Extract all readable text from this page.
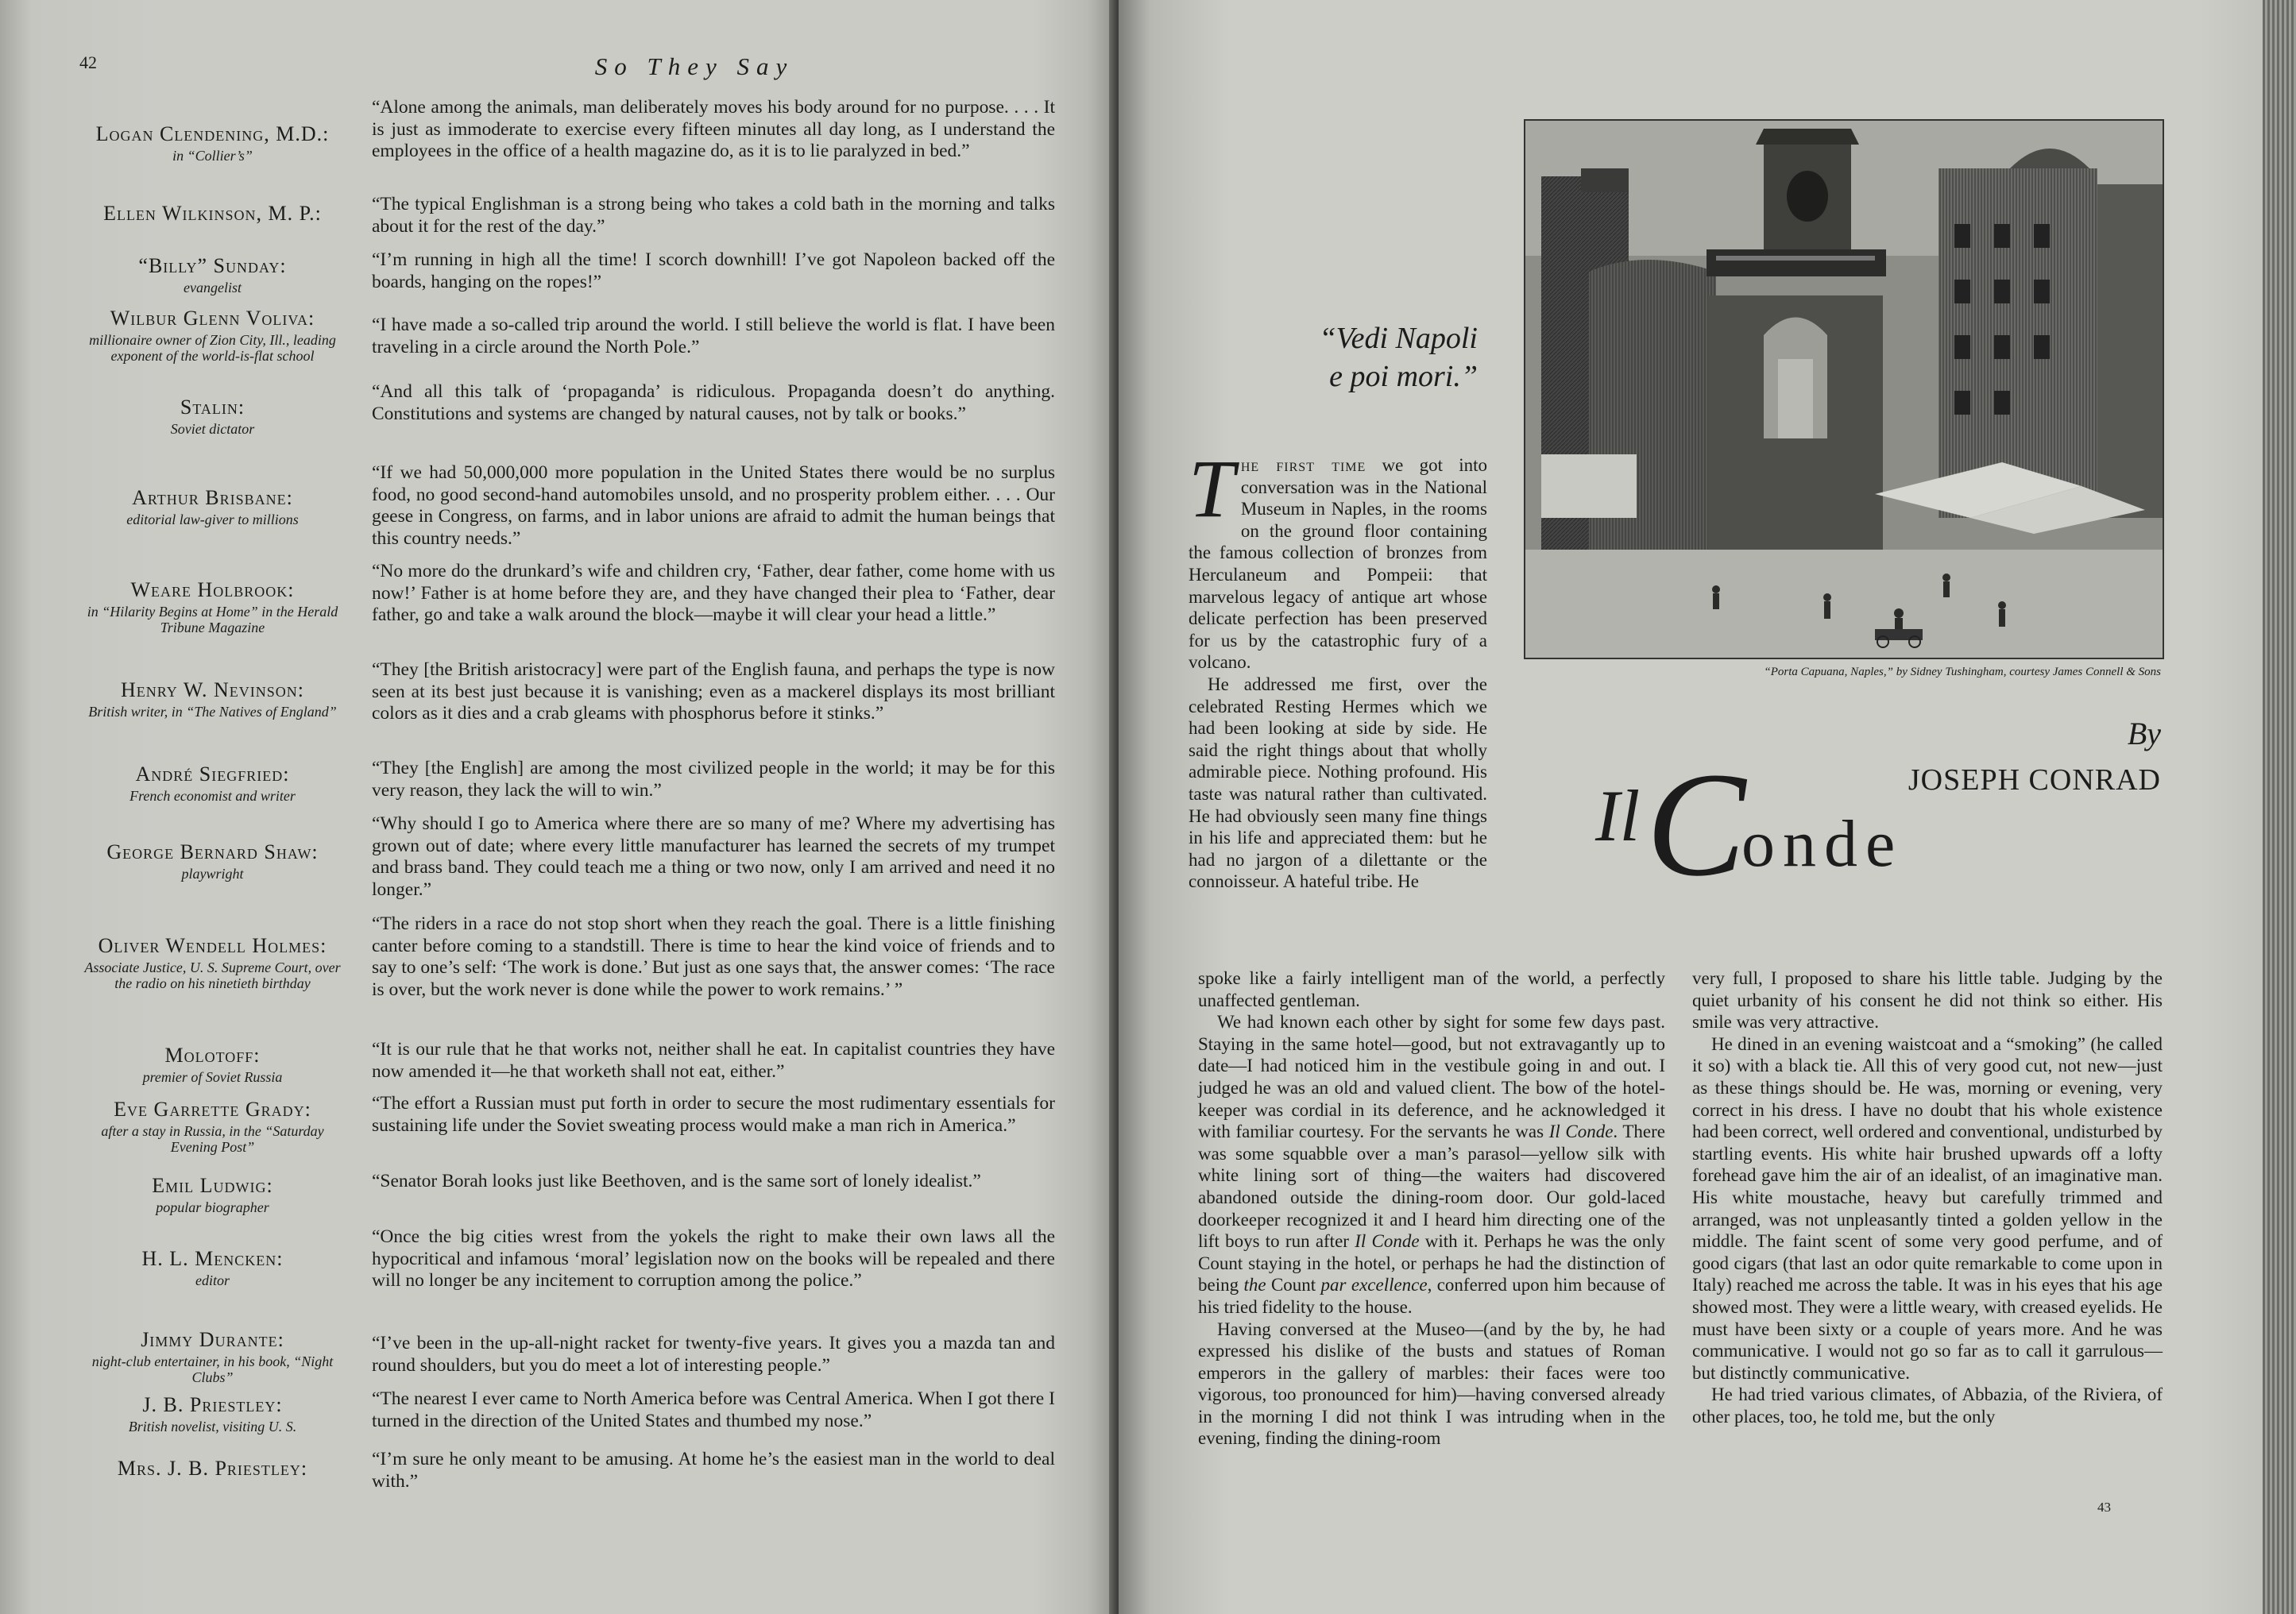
42	So They Say
Logan Clendening, M.D.:
in “Collier’s”
“Alone among the animals, man deliberately moves his body around for no purpose. . . . It is just as immoderate to exercise every fifteen minutes all day long, as I understand the employees in the office of a health magazine do, as it is to lie paralyzed in bed.”
Ellen Wilkinson, M. P.:	“The typical Englishman is a strong being who takes a cold bath in the morning and talks about it for the rest of the day.”
“Billy” Sunday:
evangelist
“I’m running in high all the time! I scorch downhill! I’ve got Napoleon backed off the boards, hanging on the ropes!”
Wilbur Glenn Voliva:
millionaire owner of Zion City, Ill., leading exponent of the world-is-flat school
“I have made a so-called trip around the world. I still believe the world is flat. I have been traveling in a circle around the North Pole.”
Stalin:
Soviet dictator
“And all this talk of ‘propaganda’ is ridiculous. Propaganda doesn’t do anything. Constitutions and systems are changed by natural causes, not by talk or books.”
Arthur Brisbane:
editorial law-giver to millions
“If we had 50,000,000 more population in the United States there would be no surplus food, no good second-hand automobiles unsold, and no prosperity problem either. . . . Our geese in Congress, on farms, and in labor unions are afraid to admit the human beings that this country needs.”
Weare Holbrook:
in “Hilarity Begins at Home” in the Herald Tribune Magazine
“No more do the drunkard’s wife and children cry, ‘Father, dear father, come home with us now!’ Father is at home before they are, and they have changed their plea to ‘Father, dear father, go and take a walk around the block—maybe it will clear your head a little.”
Henry W. Nevinson:
British writer, in “The Natives of England”
“They [the British aristocracy] were part of the English fauna, and perhaps the type is now seen at its best just because it is vanishing; even as a mackerel displays its most brilliant colors as it dies and a crab gleams with phosphorus before it stinks.”
André Siegfried:
French economist and writer
“They [the English] are among the most civilized people in the world; it may be for this very reason, they lack the will to win.”
George Bernard Shaw:
playwright
“Why should I go to America where there are so many of me? Where my advertising has grown out of date; where every little manufacturer has learned the secrets of my trumpet and brass band. They could teach me a thing or two now, only I am arrived and need it no longer.”
Oliver Wendell Holmes:
Associate Justice, U. S. Supreme Court, over the radio on his ninetieth birthday
“The riders in a race do not stop short when they reach the goal. There is a little finishing canter before coming to a standstill. There is time to hear the kind voice of friends and to say to one’s self: ‘The work is done.’ But just as one says that, the answer comes: ‘The race is over, but the work never is done while the power to work remains.’ ”
Molotoff:
premier of Soviet Russia
“It is our rule that he that works not, neither shall he eat. In capitalist countries they have now amended it—he that worketh shall not eat, either.”
Eve Garrette Grady:
after a stay in Russia, in the “Saturday Evening Post”
“The effort a Russian must put forth in order to secure the most rudimentary essentials for sustaining life under the Soviet sweating process would make a man rich in America.”
Emil Ludwig:
popular biographer
“Senator Borah looks just like Beethoven, and is the same sort of lonely idealist.”
H. L. Mencken:
editor
“Once the big cities wrest from the yokels the right to make their own laws all the hypocritical and infamous ‘moral’ legislation now on the books will be repealed and there will no longer be any incitement to corruption among the police.”
Jimmy Durante:
night-club entertainer, in his book, “Night Clubs”
“I’ve been in the up-all-night racket for twenty-five years. It gives you a mazda tan and round shoulders, but you do meet a lot of interesting people.”
J. B. Priestley:
British novelist, visiting U. S.
“The nearest I ever came to North America before was Central America. When I got there I turned in the direction of the United States and thumbed my nose.”
Mrs. J. B. Priestley:	“I’m sure he only meant to be amusing. At home he’s the easiest man in the world to deal with.”
“Porta Capuana, Naples,” by Sidney Tushingham, courtesy James Connell & Sons
“Vedi Napoli
e poi mori.”
By
JOSEPH CONRAD
Il C
onde

The first time we got into conversation was in the National Museum in Naples, in the rooms on the ground floor containing the famous collection of bronzes from Herculaneum and Pompeii: that marvelous legacy of antique art whose delicate perfection has been preserved for us by the catastrophic fury of a volcano.

He addressed me first, over the celebrated Resting Hermes which we had been looking at side by side. He said the right things about that wholly admirable piece. Nothing profound. His taste was natural rather than cultivated. He had obviously seen many fine things in his life and appreciated them: but he had no jargon of a dilettante or the connoisseur. A hateful tribe. He

spoke like a fairly intelligent man of the world, a perfectly unaffected gentleman.

We had known each other by sight for some few days past. Staying in the same hotel—good, but not extravagantly up to date—I had noticed him in the vestibule going in and out. I judged he was an old and valued client. The bow of the hotel-keeper was cordial in its deference, and he acknowledged it with familiar courtesy. For the servants he was Il Conde. There was some squabble over a man’s parasol—yellow silk with white lining sort of thing—the waiters had discovered abandoned outside the dining-room door. Our gold-laced doorkeeper recognized it and I heard him directing one of the lift boys to run after Il Conde with it. Perhaps he was the only Count staying in the hotel, or perhaps he had the distinction of being the Count par excellence, conferred upon him because of his tried fidelity to the house.

Having conversed at the Museo—(and by the by, he had expressed his dislike of the busts and statues of Roman emperors in the gallery of marbles: their faces were too vigorous, too pronounced for him)—having conversed already in the morning I did not think I was intruding when in the evening, finding the dining-room

very full, I proposed to share his little table. Judging by the quiet urbanity of his consent he did not think so either. His smile was very attractive.

He dined in an evening waistcoat and a “smoking” (he called it so) with a black tie. All this of very good cut, not new—just as these things should be. He was, morning or evening, very correct in his dress. I have no doubt that his whole existence had been correct, well ordered and conventional, undisturbed by startling events. His white hair brushed upwards off a lofty forehead gave him the air of an idealist, of an imaginative man. His white moustache, heavy but carefully trimmed and arranged, was not unpleasantly tinted a golden yellow in the middle. The faint scent of some very good perfume, and of good cigars (that last an odor quite remarkable to come upon in Italy) reached me across the table. It was in his eyes that his age showed most. They were a little weary, with creased eyelids. He must have been sixty or a couple of years more. And he was communicative. I would not go so far as to call it garrulous—but distinctly communicative.

He had tried various climates, of Abbazia, of the Riviera, of other places, too, he told me, but the only

43
